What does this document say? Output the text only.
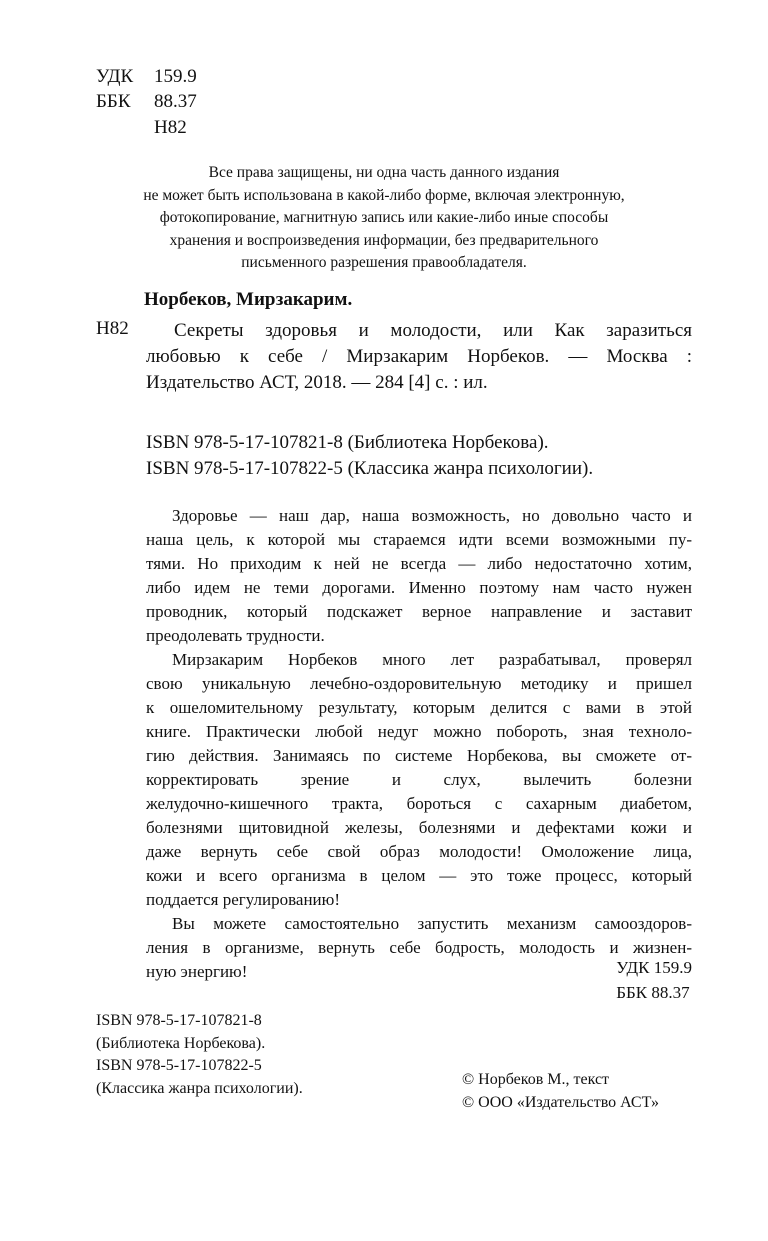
УДК 159.9
ББК 88.37
Н82
Все права защищены, ни одна часть данного издания
не может быть использована в какой-либо форме, включая электронную,
фотокопирование, магнитную запись или какие-либо иные способы
хранения и воспроизведения информации, без предварительного
письменного разрешения правообладателя.
Норбеков, Мирзакарим.
Н82	Секреты здоровья и молодости, или Как заразиться
любовью к себе / Мирзакарим Норбеков. — Москва :
Издательство АСТ, 2018. — 284 [4] с. : ил.
ISBN 978-5-17-107821-8 (Библиотека Норбекова).
ISBN 978-5-17-107822-5 (Классика жанра психологии).
Здоровье — наш дар, наша возможность, но довольно часто и
наша цель, к которой мы стараемся идти всеми возможными пу-
тями. Но приходим к ней не всегда — либо недостаточно хотим,
либо идем не теми дорогами. Именно поэтому нам часто нужен
проводник, который подскажет верное направление и заставит
преодолевать трудности.
Мирзакарим Норбеков много лет разрабатывал, проверял
свою уникальную лечебно-оздоровительную методику и пришел
к ошеломительному результату, которым делится с вами в этой
книге. Практически любой недуг можно побороть, зная техноло-
гию действия. Занимаясь по системе Норбекова, вы сможете от-
корректировать зрение и слух, вылечить болезни
желудочно-кишечного тракта, бороться с сахарным диабетом,
болезнями щитовидной железы, болезнями и дефектами кожи и
даже вернуть себе свой образ молодости! Омоложение лица,
кожи и всего организма в целом — это тоже процесс, который
поддается регулированию!
Вы можете самостоятельно запустить механизм самооздоров-
ления в организме, вернуть себе бодрость, молодость и жизнен-
ную энергию!	УДК 159.9
ББК 88.37
ISBN 978-5-17-107821-8
(Библиотека Норбекова).
ISBN 978-5-17-107822-5
(Классика жанра психологии).	© Норбеков М., текст
© ООО «Издательство АСТ»
